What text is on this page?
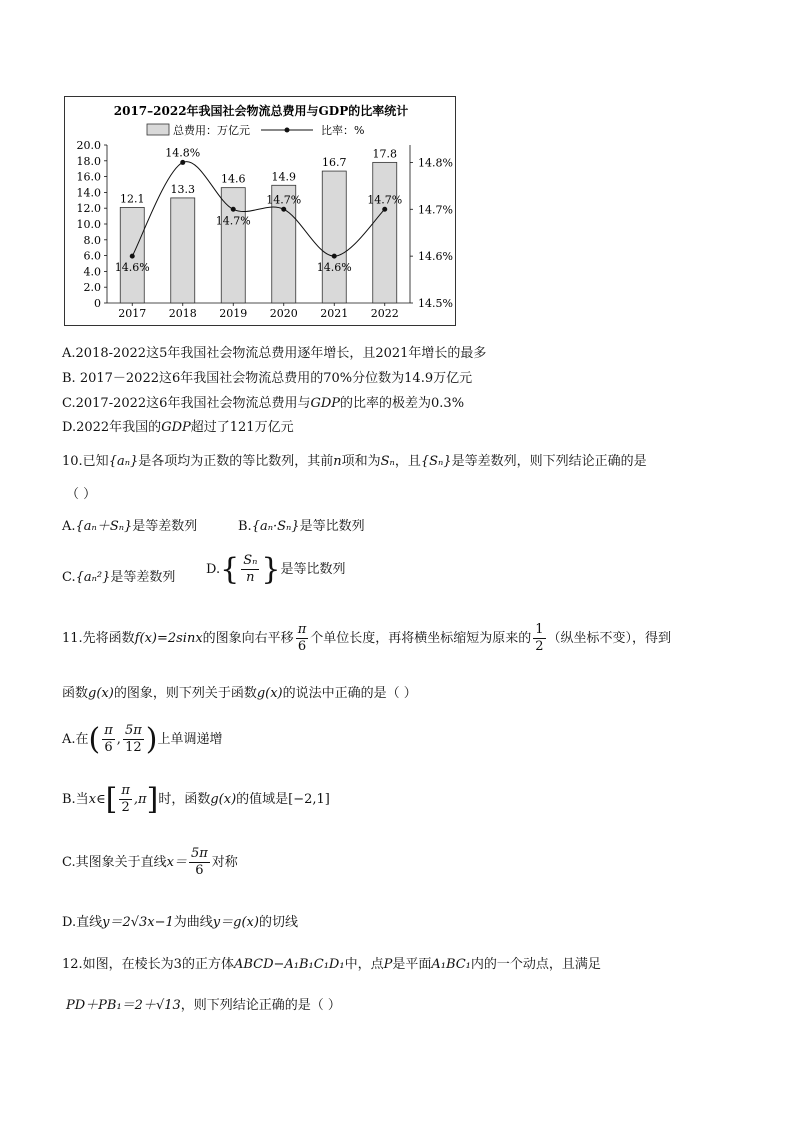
2017–2022年我国社会物流总费用与GDP的比率统计
总费用：万亿元	比率：%
0
2.0
4.0
6.0
8.0
10.0
12.0
14.0
16.0
18.0
20.0
14.5%
14.6%
14.7%
14.8%
12.1
2017
13.3
2018
14.6
2019
14.9
2020
16.7
2021
17.8
2022
14.6%
14.8%
14.7%
14.7%
14.6%
14.7%
A.2018-2022这5年我国社会物流总费用逐年增长，且2021年增长的最多
B. 2017－2022这6年我国社会物流总费用的70%分位数为14.9万亿元
C.2017-2022这6年我国社会物流总费用与GDP的比率的极差为0.3%
D.2022年我国的GDP超过了121万亿元
10.已知{aₙ}是各项均为正数的等比数列，其前n项和为Sₙ，且{Sₙ}是等差数列，则下列结论正确的是
（ ）
A.{aₙ＋Sₙ}是等差数列	B.{aₙ·Sₙ}是等比数列
C.{aₙ²}是等差数列
$D.\{ \frac{\text{Sₙ}}{n}$ }是等比数列
11.先将函数f(x)=2sinx的图象向右平移 $\frac{\pi}{6}$ 个单位长度，再将横坐标缩短为原来的 $\frac{1}{2}$ （纵坐标不变），得到
函数g(x)的图象，则下列关于函数g(x)的说法中正确的是（ ）
A.在( $\frac{\pi}{6}$ , $\frac{5\pi}{12}$ )上单调递增
B.当x∈[ $\frac{\pi}{2} ,\pi$]时，函数g(x)的值域是[−2,1]
C.其图象关于直线$x= \frac{5\pi}{6}$ 对称
D.直线y＝2√3x−1为曲线y＝g(x)的切线
12.如图，在棱长为3的正方体ABCD−A₁B₁C₁D₁中，点P是平面A₁BC₁内的一个动点，且满足
PD＋PB₁＝2＋√13，则下列结论正确的是（ ）
